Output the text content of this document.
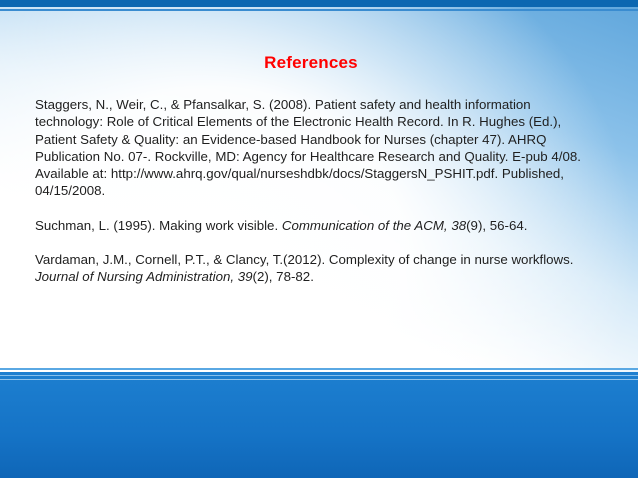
References

Staggers, N., Weir, C., & Pfansalkar, S. (2008). Patient safety and health information technology: Role of Critical Elements of the Electronic Health Record. In R. Hughes (Ed.), Patient Safety & Quality: an Evidence-based Handbook for Nurses (chapter 47). AHRQ Publication No. 07-. Rockville, MD: Agency for Healthcare Research and Quality. E-pub 4/08. Available at: http://www.ahrq.gov/qual/nurseshdbk/docs/StaggersN_PSHIT.pdf. Published, 04/15/2008.

Suchman, L. (1995). Making work visible. Communication of the ACM, 38(9), 56-64.

Vardaman, J.M., Cornell, P.T., & Clancy, T.(2012). Complexity of change in nurse workflows. Journal of Nursing Administration, 39(2), 78-82.
